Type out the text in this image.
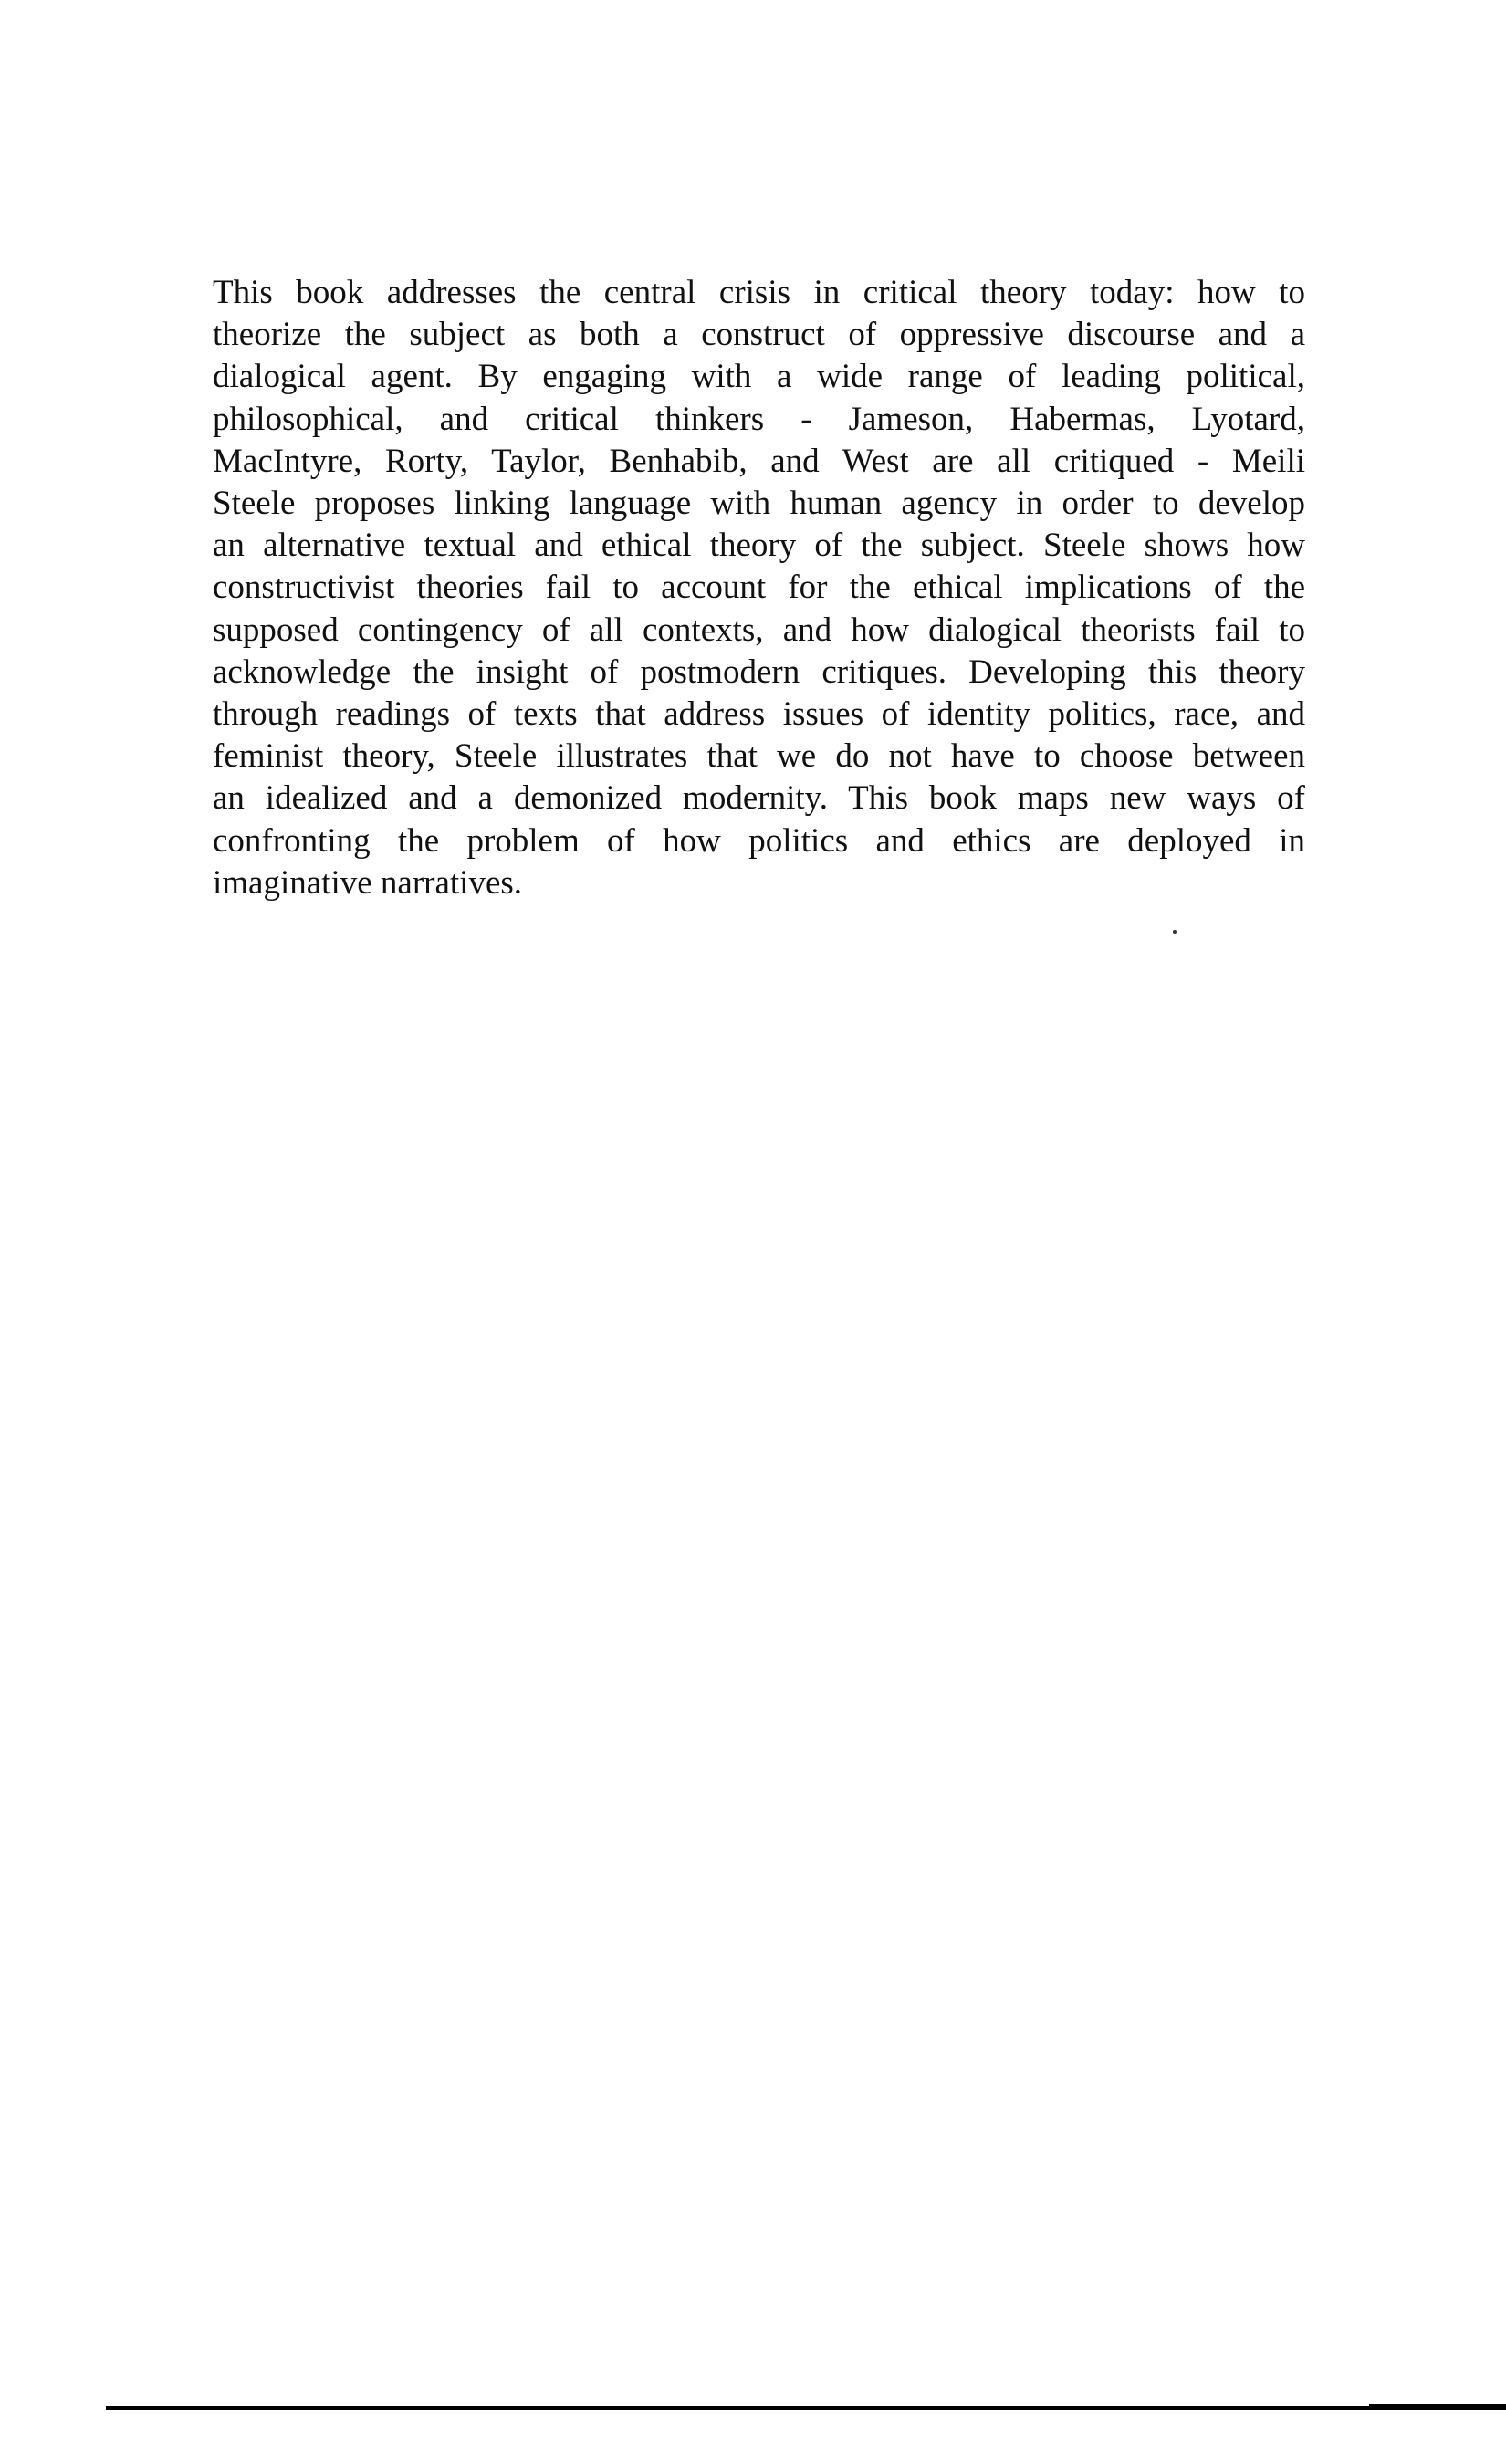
This book addresses the central crisis in critical theory today: how to
theorize the subject as both a construct of oppressive discourse and a
dialogical agent. By engaging with a wide range of leading political,
philosophical, and critical thinkers - Jameson, Habermas, Lyotard,
MacIntyre, Rorty, Taylor, Benhabib, and West are all critiqued - Meili
Steele proposes linking language with human agency in order to develop
an alternative textual and ethical theory of the subject. Steele shows how
constructivist theories fail to account for the ethical implications of the
supposed contingency of all contexts, and how dialogical theorists fail to
acknowledge the insight of postmodern critiques. Developing this theory
through readings of texts that address issues of identity politics, race, and
feminist theory, Steele illustrates that we do not have to choose between
an idealized and a demonized modernity. This book maps new ways of
confronting the problem of how politics and ethics are deployed in
imaginative narratives.
